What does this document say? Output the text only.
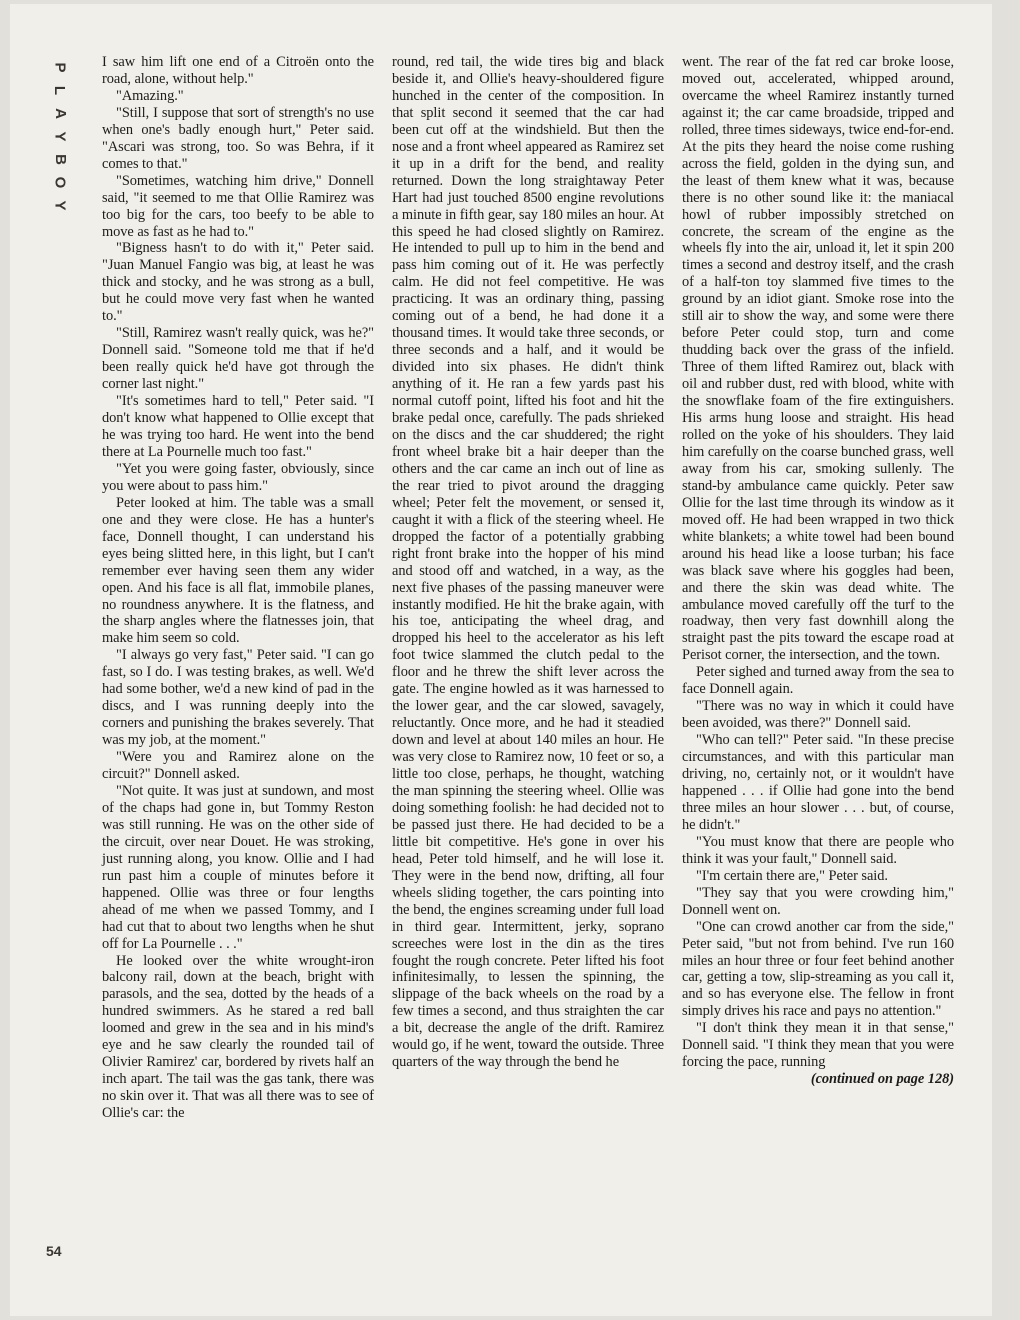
P
L
A
Y
B
O
Y

I saw him lift one end of a Citroën onto the road, alone, without help."

"Amazing."

"Still, I suppose that sort of strength's no use when one's badly enough hurt," Peter said. "Ascari was strong, too. So was Behra, if it comes to that."

"Sometimes, watching him drive," Donnell said, "it seemed to me that Ollie Ramirez was too big for the cars, too beefy to be able to move as fast as he had to."

"Bigness hasn't to do with it," Peter said. "Juan Manuel Fangio was big, at least he was thick and stocky, and he was strong as a bull, but he could move very fast when he wanted to."

"Still, Ramirez wasn't really quick, was he?" Donnell said. "Someone told me that if he'd been really quick he'd have got through the corner last night."

"It's sometimes hard to tell," Peter said. "I don't know what happened to Ollie except that he was trying too hard. He went into the bend there at La Pournelle much too fast."

"Yet you were going faster, obviously, since you were about to pass him."

Peter looked at him. The table was a small one and they were close. He has a hunter's face, Donnell thought, I can understand his eyes being slitted here, in this light, but I can't remember ever having seen them any wider open. And his face is all flat, immobile planes, no roundness anywhere. It is the flatness, and the sharp angles where the flatnesses join, that make him seem so cold.

"I always go very fast," Peter said. "I can go fast, so I do. I was testing brakes, as well. We'd had some bother, we'd a new kind of pad in the discs, and I was running deeply into the corners and punishing the brakes severely. That was my job, at the moment."

"Were you and Ramirez alone on the circuit?" Donnell asked.

"Not quite. It was just at sundown, and most of the chaps had gone in, but Tommy Reston was still running. He was on the other side of the circuit, over near Douet. He was stroking, just running along, you know. Ollie and I had run past him a couple of minutes before it happened. Ollie was three or four lengths ahead of me when we passed Tommy, and I had cut that to about two lengths when he shut off for La Pournelle . . ."

He looked over the white wrought-iron balcony rail, down at the beach, bright with parasols, and the sea, dotted by the heads of a hundred swimmers. As he stared a red ball loomed and grew in the sea and in his mind's eye and he saw clearly the rounded tail of Olivier Ramirez' car, bordered by rivets half an inch apart. The tail was the gas tank, there was no skin over it. That was all there was to see of Ollie's car: the

round, red tail, the wide tires big and black beside it, and Ollie's heavy-shouldered figure hunched in the center of the composition. In that split second it seemed that the car had been cut off at the windshield. But then the nose and a front wheel appeared as Ramirez set it up in a drift for the bend, and reality returned. Down the long straightaway Peter Hart had just touched 8500 engine revolutions a minute in fifth gear, say 180 miles an hour. At this speed he had closed slightly on Ramirez. He intended to pull up to him in the bend and pass him coming out of it. He was perfectly calm. He did not feel competitive. He was practicing. It was an ordinary thing, passing coming out of a bend, he had done it a thousand times. It would take three seconds, or three seconds and a half, and it would be divided into six phases. He didn't think anything of it. He ran a few yards past his normal cutoff point, lifted his foot and hit the brake pedal once, carefully. The pads shrieked on the discs and the car shuddered; the right front wheel brake bit a hair deeper than the others and the car came an inch out of line as the rear tried to pivot around the dragging wheel; Peter felt the movement, or sensed it, caught it with a flick of the steering wheel. He dropped the factor of a potentially grabbing right front brake into the hopper of his mind and stood off and watched, in a way, as the next five phases of the passing maneuver were instantly modified. He hit the brake again, with his toe, anticipating the wheel drag, and dropped his heel to the accelerator as his left foot twice slammed the clutch pedal to the floor and he threw the shift lever across the gate. The engine howled as it was harnessed to the lower gear, and the car slowed, savagely, reluctantly. Once more, and he had it steadied down and level at about 140 miles an hour. He was very close to Ramirez now, 10 feet or so, a little too close, perhaps, he thought, watching the man spinning the steering wheel. Ollie was doing something foolish: he had decided not to be passed just there. He had decided to be a little bit competitive. He's gone in over his head, Peter told himself, and he will lose it. They were in the bend now, drifting, all four wheels sliding together, the cars pointing into the bend, the engines screaming under full load in third gear. Intermittent, jerky, soprano screeches were lost in the din as the tires fought the rough concrete. Peter lifted his foot infinitesimally, to lessen the spinning, the slippage of the back wheels on the road by a few times a second, and thus straighten the car a bit, decrease the angle of the drift. Ramirez would go, if he went, toward the outside. Three quarters of the way through the bend he

went. The rear of the fat red car broke loose, moved out, accelerated, whipped around, overcame the wheel Ramirez instantly turned against it; the car came broadside, tripped and rolled, three times sideways, twice end-for-end. At the pits they heard the noise come rushing across the field, golden in the dying sun, and the least of them knew what it was, because there is no other sound like it: the maniacal howl of rubber impossibly stretched on concrete, the scream of the engine as the wheels fly into the air, unload it, let it spin 200 times a second and destroy itself, and the crash of a half-ton toy slammed five times to the ground by an idiot giant. Smoke rose into the still air to show the way, and some were there before Peter could stop, turn and come thudding back over the grass of the infield. Three of them lifted Ramirez out, black with oil and rubber dust, red with blood, white with the snowflake foam of the fire extinguishers. His arms hung loose and straight. His head rolled on the yoke of his shoulders. They laid him carefully on the coarse bunched grass, well away from his car, smoking sullenly. The stand-by ambulance came quickly. Peter saw Ollie for the last time through its window as it moved off. He had been wrapped in two thick white blankets; a white towel had been bound around his head like a loose turban; his face was black save where his goggles had been, and there the skin was dead white. The ambulance moved carefully off the turf to the roadway, then very fast downhill along the straight past the pits toward the escape road at Perisot corner, the intersection, and the town.

Peter sighed and turned away from the sea to face Donnell again.

"There was no way in which it could have been avoided, was there?" Donnell said.

"Who can tell?" Peter said. "In these precise circumstances, and with this particular man driving, no, certainly not, or it wouldn't have happened . . . if Ollie had gone into the bend three miles an hour slower . . . but, of course, he didn't."

"You must know that there are people who think it was your fault," Donnell said.

"I'm certain there are," Peter said.

"They say that you were crowding him," Donnell went on.

"One can crowd another car from the side," Peter said, "but not from behind. I've run 160 miles an hour three or four feet behind another car, getting a tow, slip-streaming as you call it, and so has everyone else. The fellow in front simply drives his race and pays no attention."

"I don't think they mean it in that sense," Donnell said. "I think they mean that you were forcing the pace, running

(continued on page 128)

54
